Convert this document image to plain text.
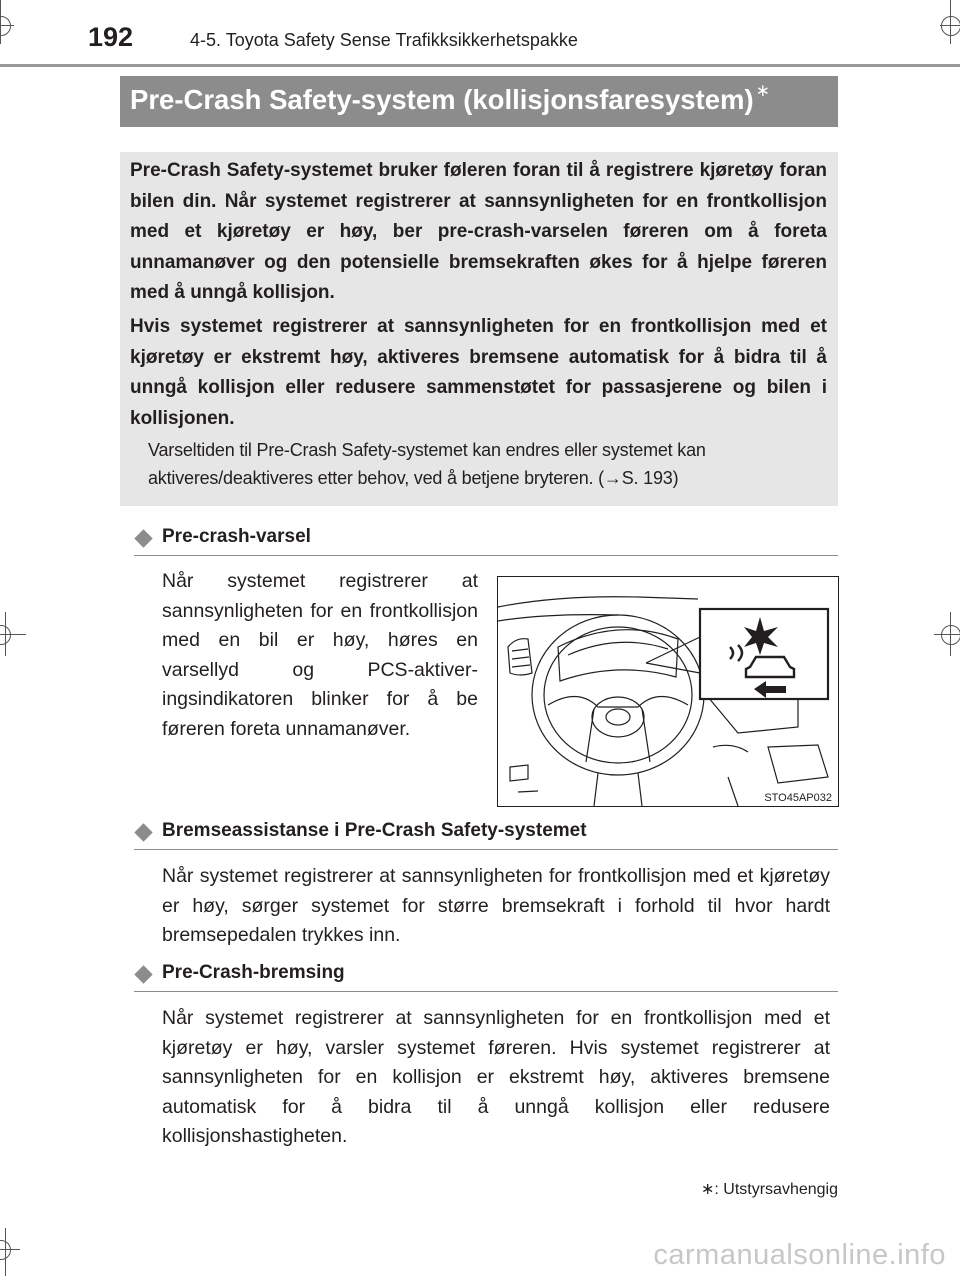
192	4-5. Toyota Safety Sense Trafikksikkerhetspakke
Pre-Crash Safety-system (kollisjonsfaresystem) ∗
Pre-Crash Safety-systemet bruker føleren foran til å registrere kjøretøy foran bilen din. Når systemet registrerer at sannsynligheten for en frontkollisjon med et kjøretøy er høy, ber pre-crash-varselen føreren om å foreta unnamanøver og den potensielle bremsekraften økes for å hjelpe føreren med å unngå kollisjon.
Hvis systemet registrerer at sannsynligheten for en frontkollisjon med et kjøretøy er ekstremt høy, aktiveres bremsene automatisk for å bidra til å unngå kollisjon eller redusere sammenstøtet for passasjerene og bilen i kollisjonen.
Varseltiden til Pre-Crash Safety-systemet kan endres eller systemet kan aktiveres/deaktiveres etter behov, ved å betjene bryteren. (→S. 193)
Pre-crash-varsel
Når systemet registrerer at sannsynligheten for en frontkollisjon med en bil er høy, høres en varsellyd og PCS-aktiveringsindikatoren blinker for å be føreren foreta unnamanøver.
STO45AP032
Bremseassistanse i Pre-Crash Safety-systemet
Når systemet registrerer at sannsynligheten for frontkollisjon med et kjøretøy er høy, sørger systemet for større bremsekraft i forhold til hvor hardt bremsepedalen trykkes inn.
Pre-Crash-bremsing
Når systemet registrerer at sannsynligheten for en frontkollisjon med et kjøretøy er høy, varsler systemet føreren. Hvis systemet registrerer at sannsynligheten for en kollisjon er ekstremt høy, aktiveres bremsene automatisk for å bidra til å unngå kollisjon eller redusere kollisjonshastigheten.
∗: Utstyrsavhengig
carmanualsonline.info
